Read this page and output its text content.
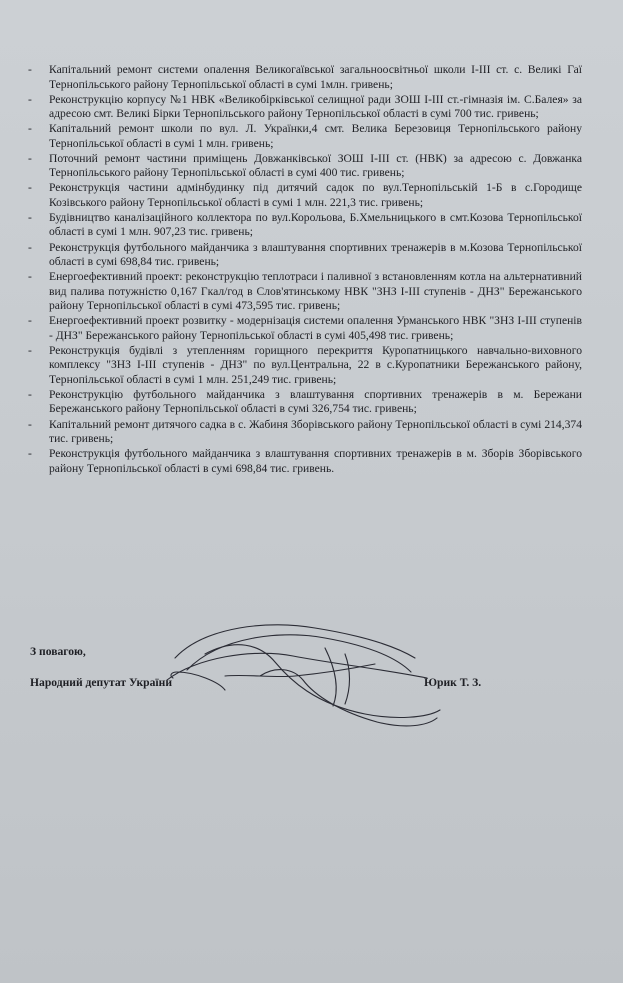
-	Капітальний ремонт системи опалення Великогаївської загальноосвітньої школи І-ІІІ ст. с. Великі Гаї Тернопільського району Тернопільської області в сумі 1млн. гривень;
-	Реконструкцію корпусу №1 НВК «Великобірківської селищної ради ЗОШ І-ІІІ ст.-гімназія ім. С.Балея» за адресою смт. Великі Бірки Тернопільського району Тернопільської області в сумі 700 тис. гривень;
-	Капітальний ремонт школи по вул. Л. Українки,4 смт. Велика Березовиця Тернопільського району Тернопільської області в сумі 1 млн. гривень;
-	Поточний ремонт частини приміщень Довжанківської ЗОШ І-ІІІ ст. (НВК) за адресою с. Довжанка Тернопільського району Тернопільської області в сумі 400 тис. гривень;
-	Реконструкція частини адмінбудинку під дитячий садок по вул.Тернопільській 1-Б в с.Городище Козівського району Тернопільської області в сумі 1 млн. 221,3 тис. гривень;
-	Будівництво каналізаційного коллектора по вул.Корольова, Б.Хмельницького в смт.Козова Тернопільської області в сумі 1 млн. 907,23 тис. гривень;
-	Реконструкція футбольного майданчика з влаштування спортивних тренажерів в м.Козова Тернопільської області в сумі 698,84 тис. гривень;
-	Енергоефективний проект: реконструкцію теплотраси і паливної з встановленням котла на альтернативний вид палива потужністю 0,167 Гкал/год в Слов'ятинському НВК "ЗНЗ І-ІІІ ступенів - ДНЗ" Бережанського району Тернопільської області в сумі 473,595 тис. гривень;
-	Енергоефективний проект розвитку - модернізація системи опалення Урманського НВК "ЗНЗ І-ІІІ ступенів - ДНЗ" Бережанського району Тернопільської області в сумі 405,498 тис. гривень;
-	Реконструкція будівлі з утепленням горищного перекриття Куропатницького навчально-виховного комплексу "ЗНЗ І-ІІІ ступенів - ДНЗ" по вул.Центральна, 22 в с.Куропатники Бережанського району, Тернопільської області в сумі 1 млн. 251,249 тис. гривень;
-	Реконструкцію футбольного майданчика з влаштування спортивних тренажерів в м. Бережани Бережанського району Тернопільської області в сумі 326,754 тис. гривень;
-	Капітальний ремонт дитячого садка в с. Жабиня Зборівського району Тернопільської області в сумі 214,374 тис. гривень;
-	Реконструкція футбольного майданчика з влаштування спортивних тренажерів в м. Зборів Зборівського району Тернопільської області в сумі 698,84 тис. гривень.
З повагою,
Народний депутат України	Юрик Т. З.
